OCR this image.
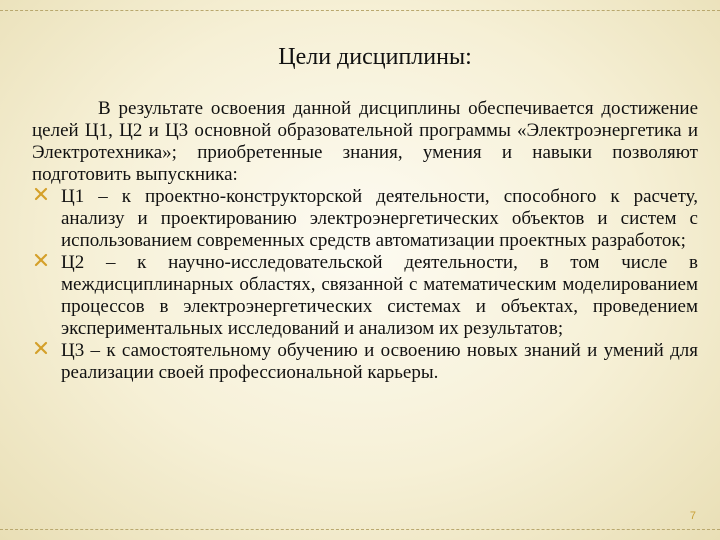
Цели дисциплины:

В результате освоения данной дисциплины обеспечивается достижение целей Ц1, Ц2 и Ц3 основной образовательной программы «Электроэнергетика и Электротехника»; приобретенные знания, умения и навыки позволяют подготовить выпускника:

Ц1 – к проектно-конструкторской деятельности, способного к расчету, анализу и проектированию электроэнергетических объектов и систем с использованием современных средств автоматизации проектных разработок;
Ц2 – к научно-исследовательской деятельности, в том числе в междисциплинарных областях, связанной с математическим моделированием процессов в электроэнергетических системах и объектах, проведением экспериментальных исследований и анализом их результатов;
Ц3 – к самостоятельному обучению и освоению новых знаний и умений для реализации своей профессиональной карьеры.
7
